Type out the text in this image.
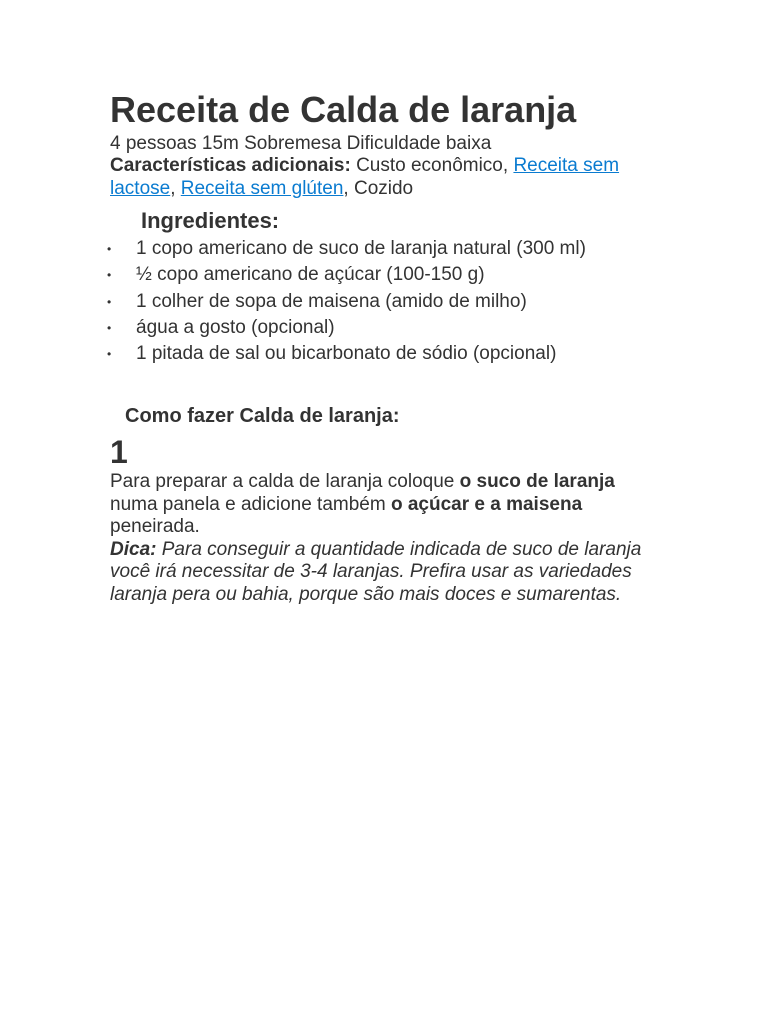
Receita de Calda de laranja
4 pessoas 15m Sobremesa Dificuldade baixa
Características adicionais: Custo econômico, Receita sem lactose, Receita sem glúten, Cozido
Ingredientes:
• 1 copo americano de suco de laranja natural (300 ml)
• ½ copo americano de açúcar (100-150 g)
• 1 colher de sopa de maisena (amido de milho)
• água a gosto (opcional)
• 1 pitada de sal ou bicarbonato de sódio (opcional)
Como fazer Calda de laranja:
1
Para preparar a calda de laranja coloque o suco de laranja numa panela e adicione também o açúcar e a maisena peneirada.
Dica: Para conseguir a quantidade indicada de suco de laranja você irá necessitar de 3-4 laranjas. Prefira usar as variedades laranja pera ou bahia, porque são mais doces e sumarentas.
